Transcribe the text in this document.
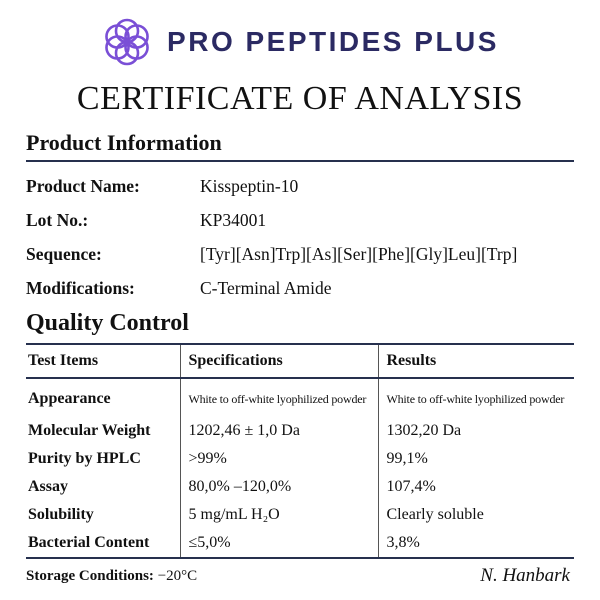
PRO PEPTIDES PLUS
CERTIFICATE OF ANALYSIS
Product Information
Product Name:	Kisspeptin-10
Lot No.:	KP34001
Sequence:	[Tyr][Asn]Trp][As][Ser][Phe][Gly]Leu][Trp]
Modifications:	C-Terminal Amide
Quality Control
Test Items	Specifications	Results
Appearance	White to off-white lyophilized powder	White to off-white lyophilized powder
Molecular Weight	1202,46 ± 1,0 Da	1302,20 Da
Purity by HPLC	>99%	99,1%
Assay	80,0% –120,0%	107,4%
Solubility	5 mg/mL H₂O	Clearly soluble
Bacterial Content	≤5,0%	3,8%
Storage Conditions: −20°C	N. Hanbark
